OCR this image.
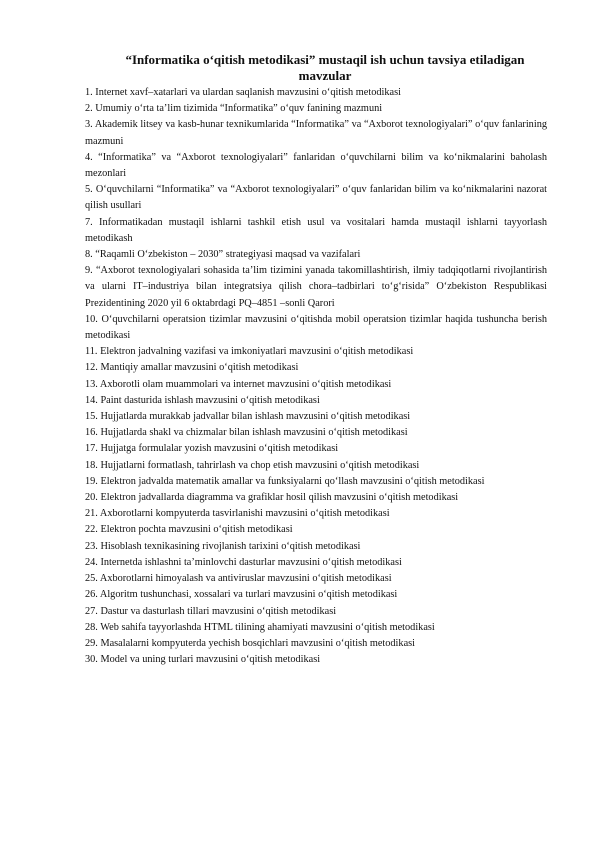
“Informatika o‘qitish metodikasi” mustaqil ish uchun tavsiya etiladigan mavzular
1. Internet xavf–xatarlari va ulardan saqlanish mavzusini o‘qitish metodikasi
2. Umumiy o‘rta ta’lim tizimida “Informatika” o‘quv fanining mazmuni
3. Akademik litsey va kasb-hunar texnikumlarida “Informatika” va “Axborot texnologiyalari” o‘quv fanlarining mazmuni
4. “Informatika” va “Axborot texnologiyalari” fanlaridan o‘quvchilarni bilim va ko‘nikmalarini baholash mezonlari
5. O‘quvchilarni “Informatika” va “Axborot texnologiyalari” o‘quv fanlaridan bilim va ko‘nikmalarini nazorat qilish usullari
7. Informatikadan mustaqil ishlarni tashkil etish usul va vositalari hamda mustaqil ishlarni tayyorlash metodikash
8. “Raqamli O‘zbekiston – 2030” strategiyasi maqsad va vazifalari
9. “Axborot texnologiyalari sohasida ta’lim tizimini yanada takomillashtirish, ilmiy tadqiqotlarni rivojlantirish va ularni IT–industriya bilan integratsiya qilish chora–tadbirlari to‘g‘risida” O‘zbekiston Respublikasi Prezidentining 2020 yil 6 oktabrdagi PQ–4851 –sonli Qarori
10. O‘quvchilarni operatsion tizimlar mavzusini o‘qitishda mobil operatsion tizimlar haqida tushuncha berish metodikasi
11. Elektron jadvalning vazifasi va imkoniyatlari mavzusini o‘qitish metodikasi
12. Mantiqiy amallar mavzusini o‘qitish metodikasi
13. Axborotli olam muammolari va internet mavzusini o‘qitish metodikasi
14. Paint dasturida ishlash mavzusini o‘qitish metodikasi
15. Hujjatlarda murakkab jadvallar bilan ishlash mavzusini o‘qitish metodikasi
16. Hujjatlarda shakl va chizmalar bilan ishlash mavzusini o‘qitish metodikasi
17. Hujjatga formulalar yozish mavzusini o‘qitish metodikasi
18. Hujjatlarni formatlash, tahrirlash va chop etish mavzusini o‘qitish metodikasi
19. Elektron jadvalda matematik amallar va funksiyalarni qo‘llash mavzusini o‘qitish metodikasi
20. Elektron jadvallarda diagramma va grafiklar hosil qilish mavzusini o‘qitish metodikasi
21. Axborotlarni kompyuterda tasvirlanishi mavzusini o‘qitish metodikasi
22. Elektron pochta mavzusini o‘qitish metodikasi
23. Hisoblash texnikasining rivojlanish tarixini o‘qitish metodikasi
24. Internetda ishlashni ta’minlovchi dasturlar mavzusini o‘qitish metodikasi
25. Axborotlarni himoyalash va antiviruslar mavzusini o‘qitish metodikasi
26. Algoritm tushunchasi, xossalari va turlari mavzusini o‘qitish metodikasi
27. Dastur va dasturlash tillari mavzusini o‘qitish metodikasi
28. Web sahifa tayyorlashda HTML tilining ahamiyati mavzusini o‘qitish metodikasi
29. Masalalarni kompyuterda yechish bosqichlari mavzusini o‘qitish metodikasi
30. Model va uning turlari mavzusini o‘qitish metodikasi
